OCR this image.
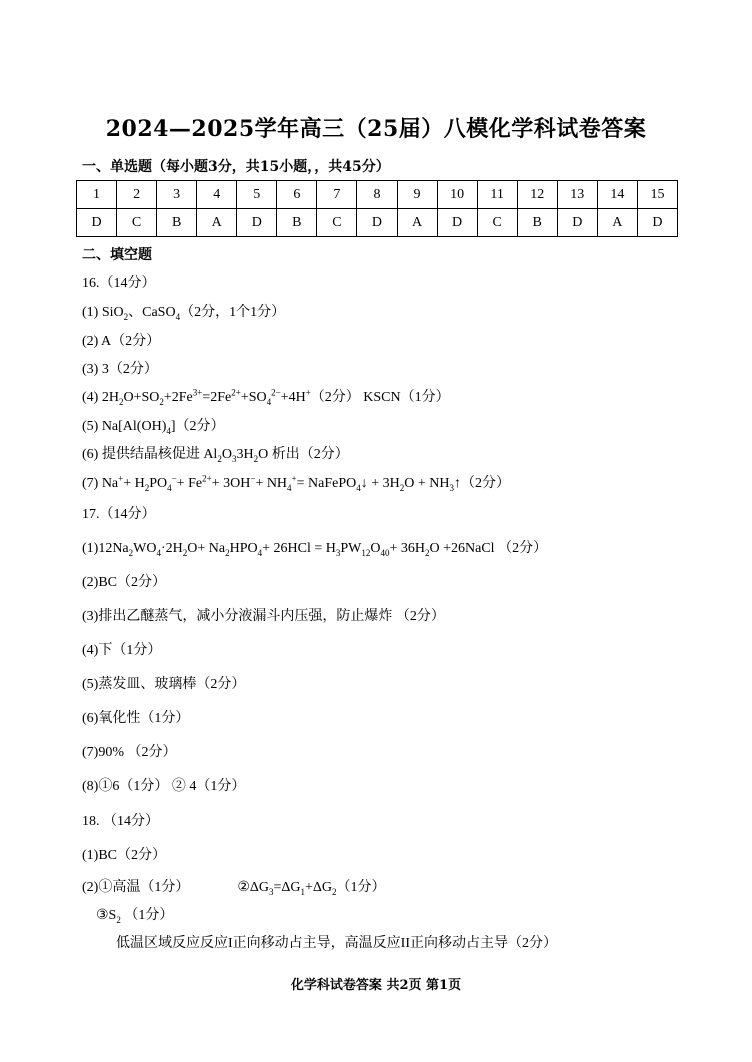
2024—2025学年高三（25届）八模化学科试卷答案
一、单选题（每小题3分，共15小题，，共45分）
1	2	3	4	5	6	7	8	9	10	11	12	13	14	15
D	C	B	A	D	B	C	D	A	D	C	B	D	A	D
二、填空题
16.（14分）
(1) SiO$_2$、CaSO$_4$（2分，1个1分）
(2) A（2分）
(3) 3（2分）
(4) $2H_2O+SO_2+2Fe^{3+}=2Fe^{2+}+SO_4^{2-}+4H^+(2$分） KSCN（1分）
(5) $Na[Al(OH)_4](2$分）
(6) 提供结晶核促进 $Al_2O_33H_2O$ 析出（2分）
(7) $Na^++ H_2PO_4^-+ Fe^{2+}+ 3OH^-+ NH_4^+=$ NaFePO$_4$↓ + $3H_2O$ + $NH_3↑(2$分）
17.（14分）
$(1)12Na_2WO_4\cdot 2H_2O+ Na_2HPO_4+ 26HCl = H_3PW_{12}O_{40}+ 36H_2O$ +26NaCl （2分）
(2)BC（2分）
(3)排出乙醚蒸气，减小分液漏斗内压强，防止爆炸 （2分）
(4)下（1分）
(5)蒸发皿、玻璃棒（2分）
(6)氧化性（1分）
(7)90% （2分）
(8)①6（1分） ② 4（1分）
18. （14分）
(1)BC（2分）
(2)①高温（1分）	$②\Delta G_3=\Delta G_1+\Delta G_2(1$分）
$③S_2$ （1分）
低温区域反应反应I正向移动占主导，高温反应II正向移动占主导（2分）
化学科试卷答案 共2页 第1页
